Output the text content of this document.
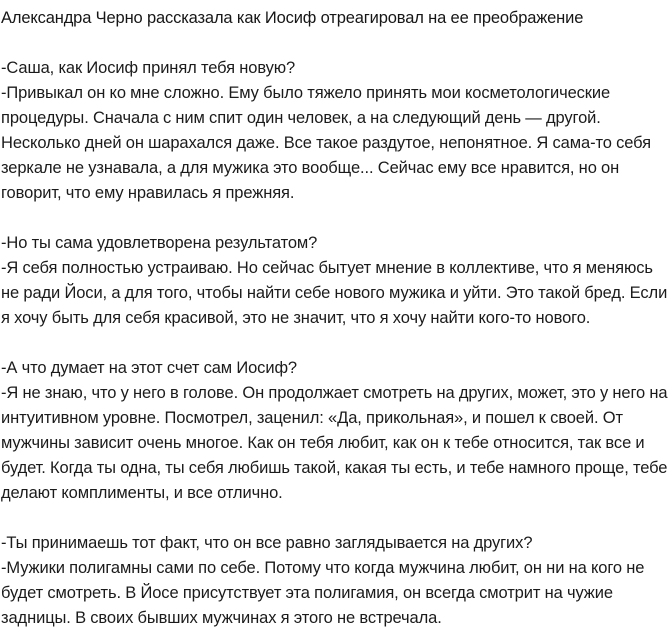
Александра Черно рассказала как Иосиф отреагировал на ее преображение

-Саша, как Иосиф принял тебя новую?
-Привыкал он ко мне сложно. Ему было тяжело принять мои косметологические процедуры. Сначала с ним спит один человек, а на следующий день — другой. Несколько дней он шарахался даже. Все такое раздутое, непонятное. Я сама-то себя зеркале не узнавала, а для мужика это вообще... Сейчас ему все нравится, но он говорит, что ему нравилась я прежняя.
-Но ты сама удовлетворена результатом?
-Я себя полностью устраиваю. Но сейчас бытует мнение в коллективе, что я меняюсь не ради Йоси, а для того, чтобы найти себе нового мужика и уйти. Это такой бред. Если я хочу быть для себя красивой, это не значит, что я хочу найти кого-то нового.
-А что думает на этот счет сам Иосиф?
-Я не знаю, что у него в голове. Он продолжает смотреть на других, может, это у него на интуитивном уровне. Посмотрел, заценил: «Да, прикольная», и пошел к своей. От мужчины зависит очень многое. Как он тебя любит, как он к тебе относится, так все и будет. Когда ты одна, ты себя любишь такой, какая ты есть, и тебе намного проще, тебе делают комплименты, и все отлично.
-Ты принимаешь тот факт, что он все равно заглядывается на других?
-Мужики полигамны сами по себе. Потому что когда мужчина любит, он ни на кого не будет смотреть. В Йосе присутствует эта полигамия, он всегда смотрит на чужие задницы. В своих бывших мужчинах я этого не встречала.
